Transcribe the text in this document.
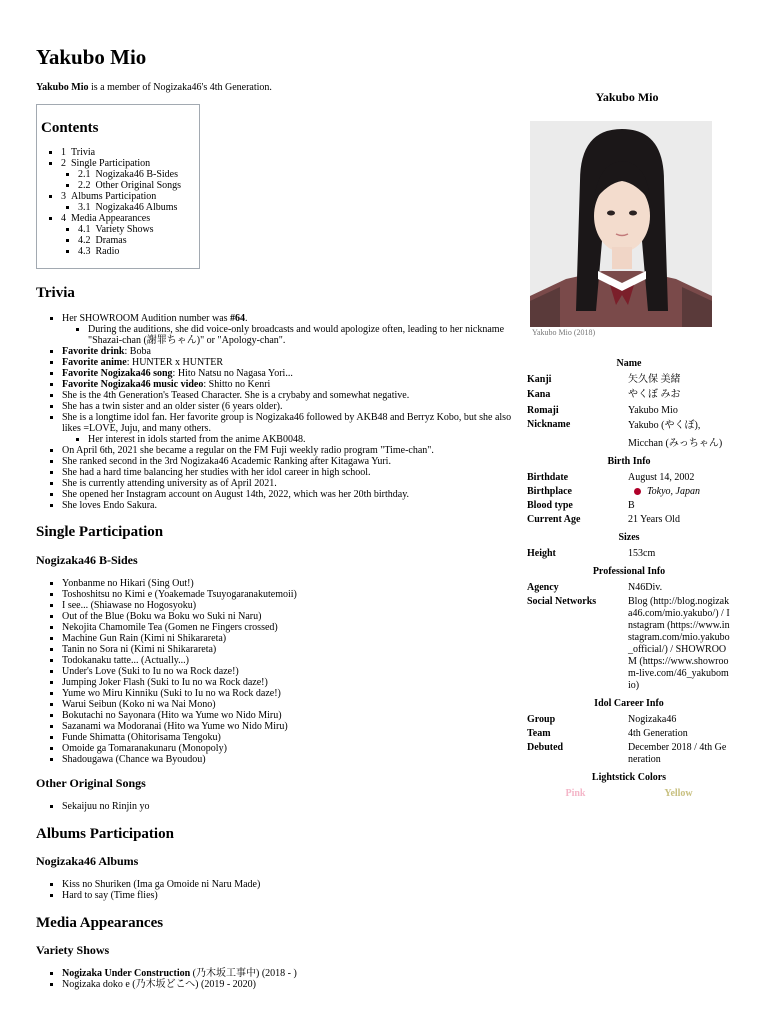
Yakubo Mio

Yakubo Mio is a member of Nogizaka46's 4th Generation.

Contents
▪ 1 Trivia
▪ 2 Single Participation
▪ 2.1 Nogizaka46 B-Sides
▪ 2.2 Other Original Songs
▪ 3 Albums Participation
▪ 3.1 Nogizaka46 Albums
▪ 4 Media Appearances
▪ 4.1 Variety Shows
▪ 4.2 Dramas
▪ 4.3 Radio
Trivia
▪ Her SHOWROOM Audition number was #64.
▪ During the auditions, she did voice-only broadcasts and would apologize often, leading to her nickname "Shazai-chan (謝罪ちゃん)" or "Apology-chan".
▪ Favorite drink: Boba
▪ Favorite anime: HUNTER x HUNTER
▪ Favorite Nogizaka46 song: Hito Natsu no Nagasa Yori...
▪ Favorite Nogizaka46 music video: Shitto no Kenri
▪ She is the 4th Generation's Teased Character. She is a crybaby and somewhat negative.
▪ She has a twin sister and an older sister (6 years older).
▪ She is a longtime idol fan. Her favorite group is Nogizaka46 followed by AKB48 and Berryz Kobo, but she also likes =LOVE, Juju, and many others.
▪ Her interest in idols started from the anime AKB0048.
▪ On April 6th, 2021 she became a regular on the FM Fuji weekly radio program "Time-chan".
▪ She ranked second in the 3rd Nogizaka46 Academic Ranking after Kitagawa Yuri.
▪ She had a hard time balancing her studies with her idol career in high school.
▪ She is currently attending university as of April 2021.
▪ She opened her Instagram account on August 14th, 2022, which was her 20th birthday.
▪ She loves Endo Sakura.
Single Participation
Nogizaka46 B-Sides
▪ Yonbanme no Hikari (Sing Out!)
▪ Toshoshitsu no Kimi e (Yoakemade Tsuyogaranakutemoii)
▪ I see... (Shiawase no Hogosyoku)
▪ Out of the Blue (Boku wa Boku wo Suki ni Naru)
▪ Nekojita Chamomile Tea (Gomen ne Fingers crossed)
▪ Machine Gun Rain (Kimi ni Shikarareta)
▪ Tanin no Sora ni (Kimi ni Shikarareta)
▪ Todokanaku tatte... (Actually...)
▪ Under's Love (Suki to Iu no wa Rock daze!)
▪ Jumping Joker Flash (Suki to Iu no wa Rock daze!)
▪ Yume wo Miru Kinniku (Suki to Iu no wa Rock daze!)
▪ Warui Seibun (Koko ni wa Nai Mono)
▪ Bokutachi no Sayonara (Hito wa Yume wo Nido Miru)
▪ Sazanami wa Modoranai (Hito wa Yume wo Nido Miru)
▪ Funde Shimatta (Ohitorisama Tengoku)
▪ Omoide ga Tomaranakunaru (Monopoly)
▪ Shadougawa (Chance wa Byoudou)
Other Original Songs
▪ Sekaijuu no Rinjin yo
Albums Participation
Nogizaka46 Albums
▪ Kiss no Shuriken (Ima ga Omoide ni Naru Made)
▪ Hard to say (Time flies)
Media Appearances
Variety Shows
▪ Nogizaka Under Construction (乃木坂工事中) (2018 - )
▪ Nogizaka doko e (乃木坂どこへ) (2019 - 2020)
Yakubo Mio
Yakubo Mio (2018)
Name
Kanji	矢久保 美緒
Kana	やくぼ みお
Romaji	Yakubo Mio
Nickname	Yakubo (やくぼ),
Micchan (みっちゃん)
Birth Info
Birthdate	August 14, 2002
Birthplace	Tokyo, Japan
Blood type	B
Current Age	21 Years Old
Sizes
Height	153cm
Professional Info
Agency	N46Div.
Social Networks	Blog (http://blog.nogizaka46.com/mio.yakubo/) / Instagram (https://www.instagram.com/mio.yakubo_official/) / SHOWROOM (https://www.showroom-live.com/46_yakubomio)
Idol Career Info
Group	Nogizaka46
Team	4th Generation
Debuted	December 2018 / 4th Generation
Lightstick Colors
Pink	Yellow
